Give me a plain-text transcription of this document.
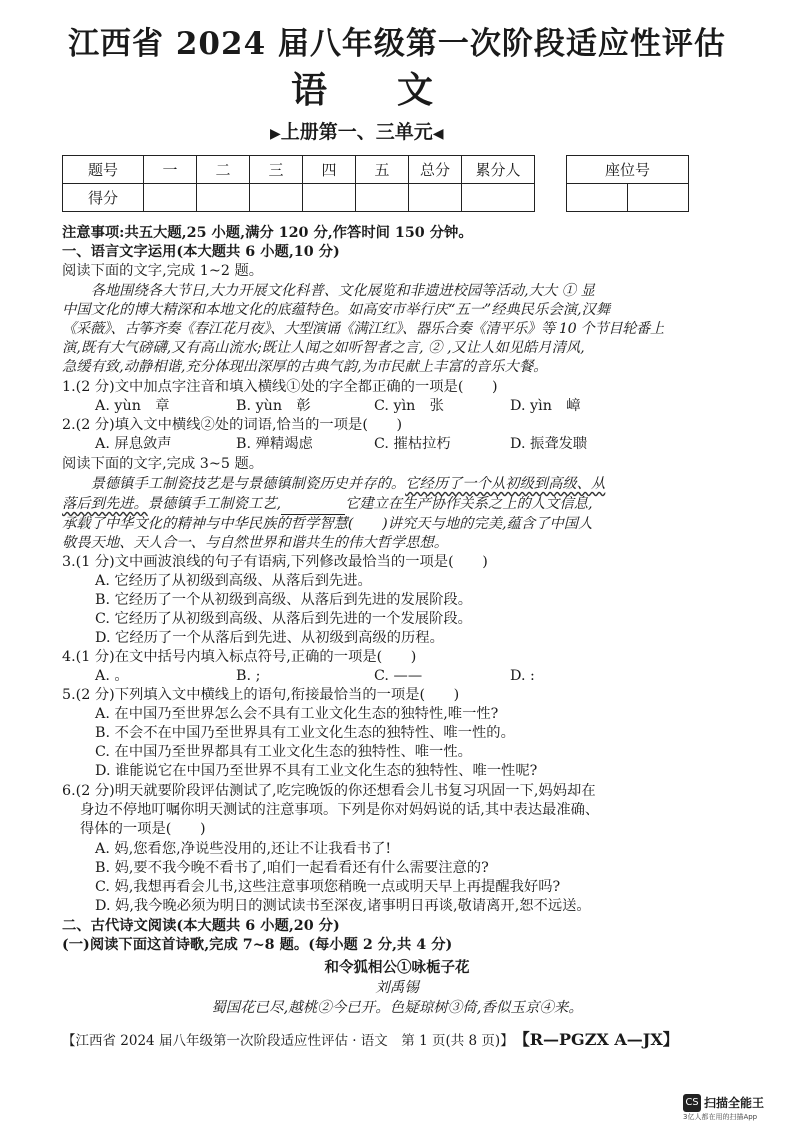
江西省 2024 届八年级第一次阶段适应性评估
语文
▶上册第一、三单元◀
题号	一	二	三	四	五	总分	累分人
得分							
座位号

注意事项:共五大题,25 小题,满分 120 分,作答时间 150 分钟。
一、语言文字运用(本大题共 6 小题,10 分)
阅读下面的文字,完成 1~2 题。
　　各地围绕各大节日,大力开展文化科普、文化展览和非遗进校园等活动,大大 ① 显
中国文化的博大精深和本地文化的底蕴特色。如高安市举行庆“五一”经典民乐会演,汉舞
《采薇》、古筝齐奏《春江花月夜》、大型演诵《满江红》、器乐合奏《清平乐》等 10 个节目轮番上
演,既有大气磅礴,又有高山流水;既让人闻之如听智者之言, ② ,又让人如见皓月清风,
急缓有致,动静相谐,充分体现出深厚的古典气韵,为市民献上丰富的音乐大餐。
1.(2 分)文中加点字注音和填入横线①处的字全都正确的一项是(　　)
A. yùn　章	B. yùn　彰	C. yìn　张	D. yìn　嶂
2.(2 分)填入文中横线②处的词语,恰当的一项是(　　)
A. 屏息敛声	B. 殚精竭虑	C. 摧枯拉朽	D. 振聋发聩
阅读下面的文字,完成 3~5 题。
　　景德镇手工制瓷技艺是与景德镇制瓷历史并存的。它经历了一个从初级到高级、从
落后到先进。景德镇手工制瓷工艺,	它建立在生产协作关系之上的人文信息,
承载了中华文化的精神与中华民族的哲学智慧(　　)讲究天与地的完美,蕴含了中国人
敬畏天地、天人合一、与自然世界和谐共生的伟大哲学思想。
3.(1 分)文中画波浪线的句子有语病,下列修改最恰当的一项是(　　)
A. 它经历了从初级到高级、从落后到先进。
B. 它经历了一个从初级到高级、从落后到先进的发展阶段。
C. 它经历了从初级到高级、从落后到先进的一个发展阶段。
D. 它经历了一个从落后到先进、从初级到高级的历程。
4.(1 分)在文中括号内填入标点符号,正确的一项是(　　)
A. 。	B. ;	C. ——	D. :
5.(2 分)下列填入文中横线上的语句,衔接最恰当的一项是(　　)
A. 在中国乃至世界怎么会不具有工业文化生态的独特性,唯一性?
B. 不会不在中国乃至世界具有工业文化生态的独特性、唯一性的。
C. 在中国乃至世界都具有工业文化生态的独特性、唯一性。
D. 谁能说它在中国乃至世界不具有工业文化生态的独特性、唯一性呢?
6.(2 分)明天就要阶段评估测试了,吃完晚饭的你还想看会儿书复习巩固一下,妈妈却在
身边不停地叮嘱你明天测试的注意事项。下列是你对妈妈说的话,其中表达最准确、
得体的一项是(　　)
A. 妈,您看您,净说些没用的,还让不让我看书了!
B. 妈,要不我今晚不看书了,咱们一起看看还有什么需要注意的?
C. 妈,我想再看会儿书,这些注意事项您稍晚一点或明天早上再提醒我好吗?
D. 妈,我今晚必须为明日的测试读书至深夜,诸事明日再谈,敬请离开,恕不远送。
二、古代诗文阅读(本大题共 6 小题,20 分)
(一)阅读下面这首诗歌,完成 7~8 题。(每小题 2 分,共 4 分)
和令狐相公①咏栀子花
刘禹锡
蜀国花已尽,越桃②今已开。色疑琼树③倚,香似玉京④来。
【江西省 2024 届八年级第一次阶段适应性评估 · 语文　第 1 页(共 8 页)】 【R—PGZX A—JX】
CS 扫描全能王
3亿人都在用的扫描App
